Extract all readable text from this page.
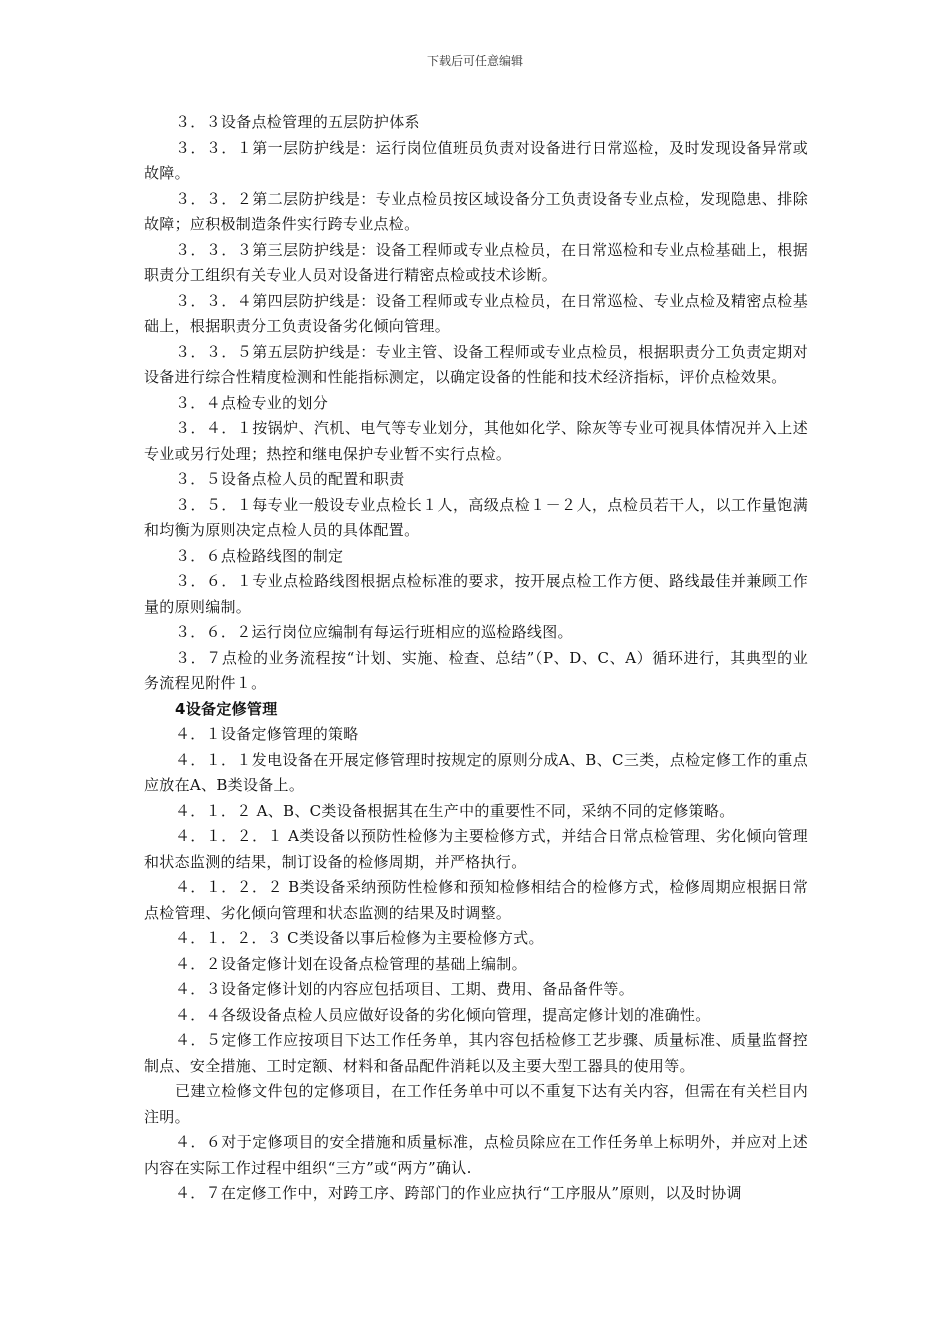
下载后可任意编辑

３．３设备点检管理的五层防护体系

３．３．１第一层防护线是：运行岗位值班员负责对设备进行日常巡检，及时发现设备异常或故障。

３．３．２第二层防护线是：专业点检员按区域设备分工负责设备专业点检，发现隐患、排除故障；应积极制造条件实行跨专业点检。

３．３．３第三层防护线是：设备工程师或专业点检员，在日常巡检和专业点检基础上，根据职责分工组织有关专业人员对设备进行精密点检或技术诊断。

３．３．４第四层防护线是：设备工程师或专业点检员，在日常巡检、专业点检及精密点检基础上，根据职责分工负责设备劣化倾向管理。

３．３．５第五层防护线是：专业主管、设备工程师或专业点检员，根据职责分工负责定期对设备进行综合性精度检测和性能指标测定，以确定设备的性能和技术经济指标，评价点检效果。

３．４点检专业的划分

３．４．１按锅炉、汽机、电气等专业划分，其他如化学、除灰等专业可视具体情况并入上述专业或另行处理；热控和继电保护专业暂不实行点检。

３．５设备点检人员的配置和职责

３．５．１每专业一般设专业点检长１人，高级点检１－２人，点检员若干人，以工作量饱满和均衡为原则决定点检人员的具体配置。

３．６点检路线图的制定

３．６．１专业点检路线图根据点检标准的要求，按开展点检工作方便、路线最佳并兼顾工作量的原则编制。

３．６．２运行岗位应编制有每运行班相应的巡检路线图。

３．７点检的业务流程按“计划、实施、检查、总结”（P、D、C、A）循环进行，其典型的业务流程见附件１。

4设备定修管理

４．１设备定修管理的策略

４．１．１发电设备在开展定修管理时按规定的原则分成A、B、C三类，点检定修工作的重点应放在A、B类设备上。

４．１．２ A、B、C类设备根据其在生产中的重要性不同，采纳不同的定修策略。

４．１．２．１ A类设备以预防性检修为主要检修方式，并结合日常点检管理、劣化倾向管理和状态监测的结果，制订设备的检修周期，并严格执行。

４．１．２．２ B类设备采纳预防性检修和预知检修相结合的检修方式，检修周期应根据日常点检管理、劣化倾向管理和状态监测的结果及时调整。

４．１．２．３ C类设备以事后检修为主要检修方式。

４．２设备定修计划在设备点检管理的基础上编制。

４．３设备定修计划的内容应包括项目、工期、费用、备品备件等。

４．４各级设备点检人员应做好设备的劣化倾向管理，提高定修计划的准确性。

４．５定修工作应按项目下达工作任务单，其内容包括检修工艺步骤、质量标准、质量监督控制点、安全措施、工时定额、材料和备品配件消耗以及主要大型工器具的使用等。

已建立检修文件包的定修项目，在工作任务单中可以不重复下达有关内容，但需在有关栏目内注明。

４．６对于定修项目的安全措施和质量标准，点检员除应在工作任务单上标明外，并应对上述内容在实际工作过程中组织“三方”或“两方”确认.

４．７在定修工作中，对跨工序、跨部门的作业应执行“工序服从”原则，以及时协调
